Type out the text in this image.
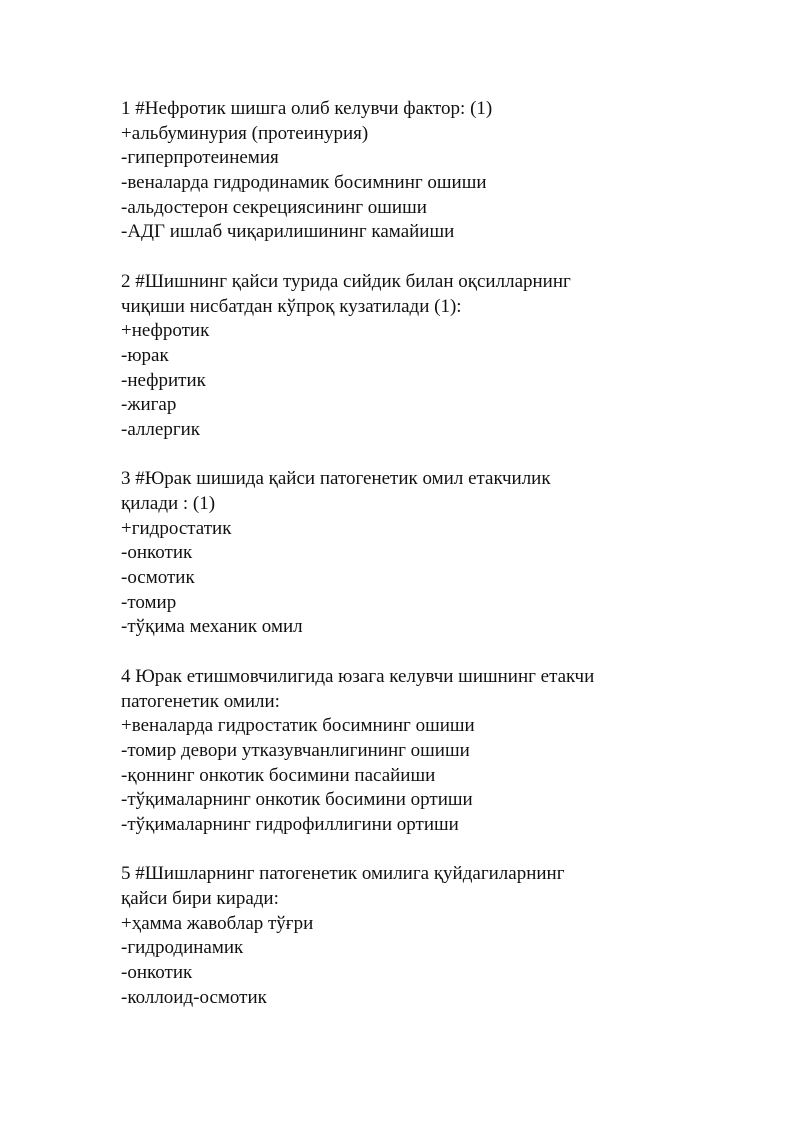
1 #Нефротик шишга олиб келувчи фактор: (1)
+альбуминурия (протеинурия)
-гиперпротеинемия
-веналарда гидродинамик босимнинг ошиши
-альдостерон секрециясининг ошиши
-АДГ ишлаб чиқарилишининг камайиши
2 #Шишнинг қайси турида сийдик билан оқсилларнинг
чиқиши нисбатдан кўпроқ кузатилади (1):
+нефротик
-юрак
-нефритик
-жигар
-аллергик
3 #Юрак шишида қайси патогенетик омил етакчилик
қилади : (1)
+гидростатик
-онкотик
-осмотик
-томир
-тўқима механик омил
4 Юрак етишмовчилигида юзага келувчи шишнинг етакчи
патогенетик омили:
+веналарда гидростатик босимнинг ошиши
-томир девори утказувчанлигининг ошиши
-қоннинг онкотик босимини пасайиши
-тўқималарнинг онкотик босимини ортиши
-тўқималарнинг гидрофиллигини ортиши
5 #Шишларнинг патогенетик омилига қуйдагиларнинг
қайси бири киради:
+ҳамма жавоблар тўғри
-гидродинамик
-онкотик
-коллоид-осмотик
